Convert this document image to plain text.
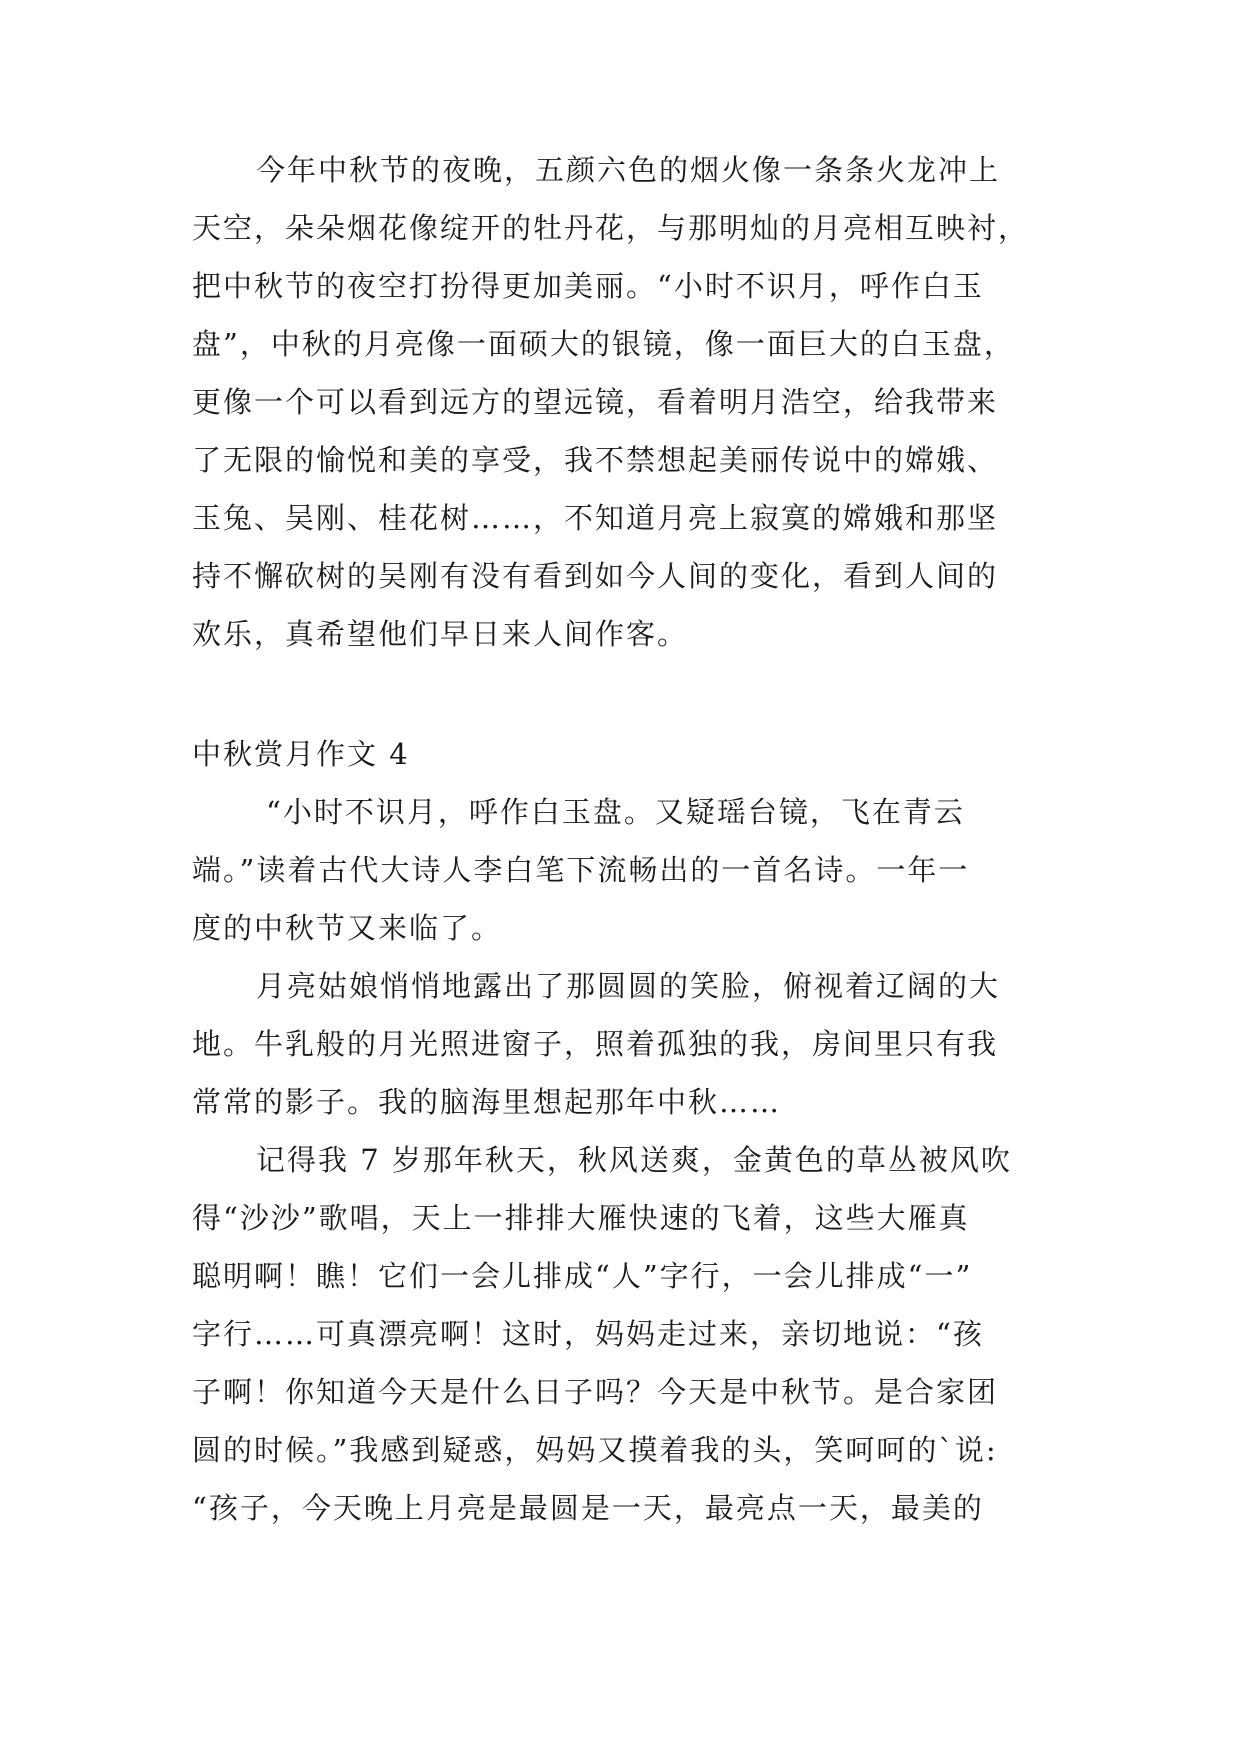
今年中秋节的夜晚，五颜六色的烟火像一条条火龙冲上
天空，朵朵烟花像绽开的牡丹花，与那明灿的月亮相互映衬，
把中秋节的夜空打扮得更加美丽。“小时不识月，呼作白玉
盘”，中秋的月亮像一面硕大的银镜，像一面巨大的白玉盘，
更像一个可以看到远方的望远镜，看着明月浩空，给我带来
了无限的愉悦和美的享受，我不禁想起美丽传说中的嫦娥、
玉兔、吴刚、桂花树……，不知道月亮上寂寞的嫦娥和那坚
持不懈砍树的吴刚有没有看到如今人间的变化，看到人间的
欢乐，真希望他们早日来人间作客。
中秋赏月作文 4
“小时不识月，呼作白玉盘。又疑瑶台镜，飞在青云
端。”读着古代大诗人李白笔下流畅出的一首名诗。一年一
度的中秋节又来临了。
月亮姑娘悄悄地露出了那圆圆的笑脸，俯视着辽阔的大
地。牛乳般的月光照进窗子，照着孤独的我，房间里只有我
常常的影子。我的脑海里想起那年中秋……
记得我 7 岁那年秋天，秋风送爽，金黄色的草丛被风吹
得“沙沙”歌唱，天上一排排大雁快速的飞着，这些大雁真
聪明啊！瞧！它们一会儿排成“人”字行，一会儿排成“一”
字行……可真漂亮啊！这时，妈妈走过来，亲切地说：“孩
子啊！你知道今天是什么日子吗？今天是中秋节。是合家团
圆的时候。”我感到疑惑，妈妈又摸着我的头，笑呵呵的`说:
“孩子，今天晚上月亮是最圆是一天，最亮点一天，最美的
